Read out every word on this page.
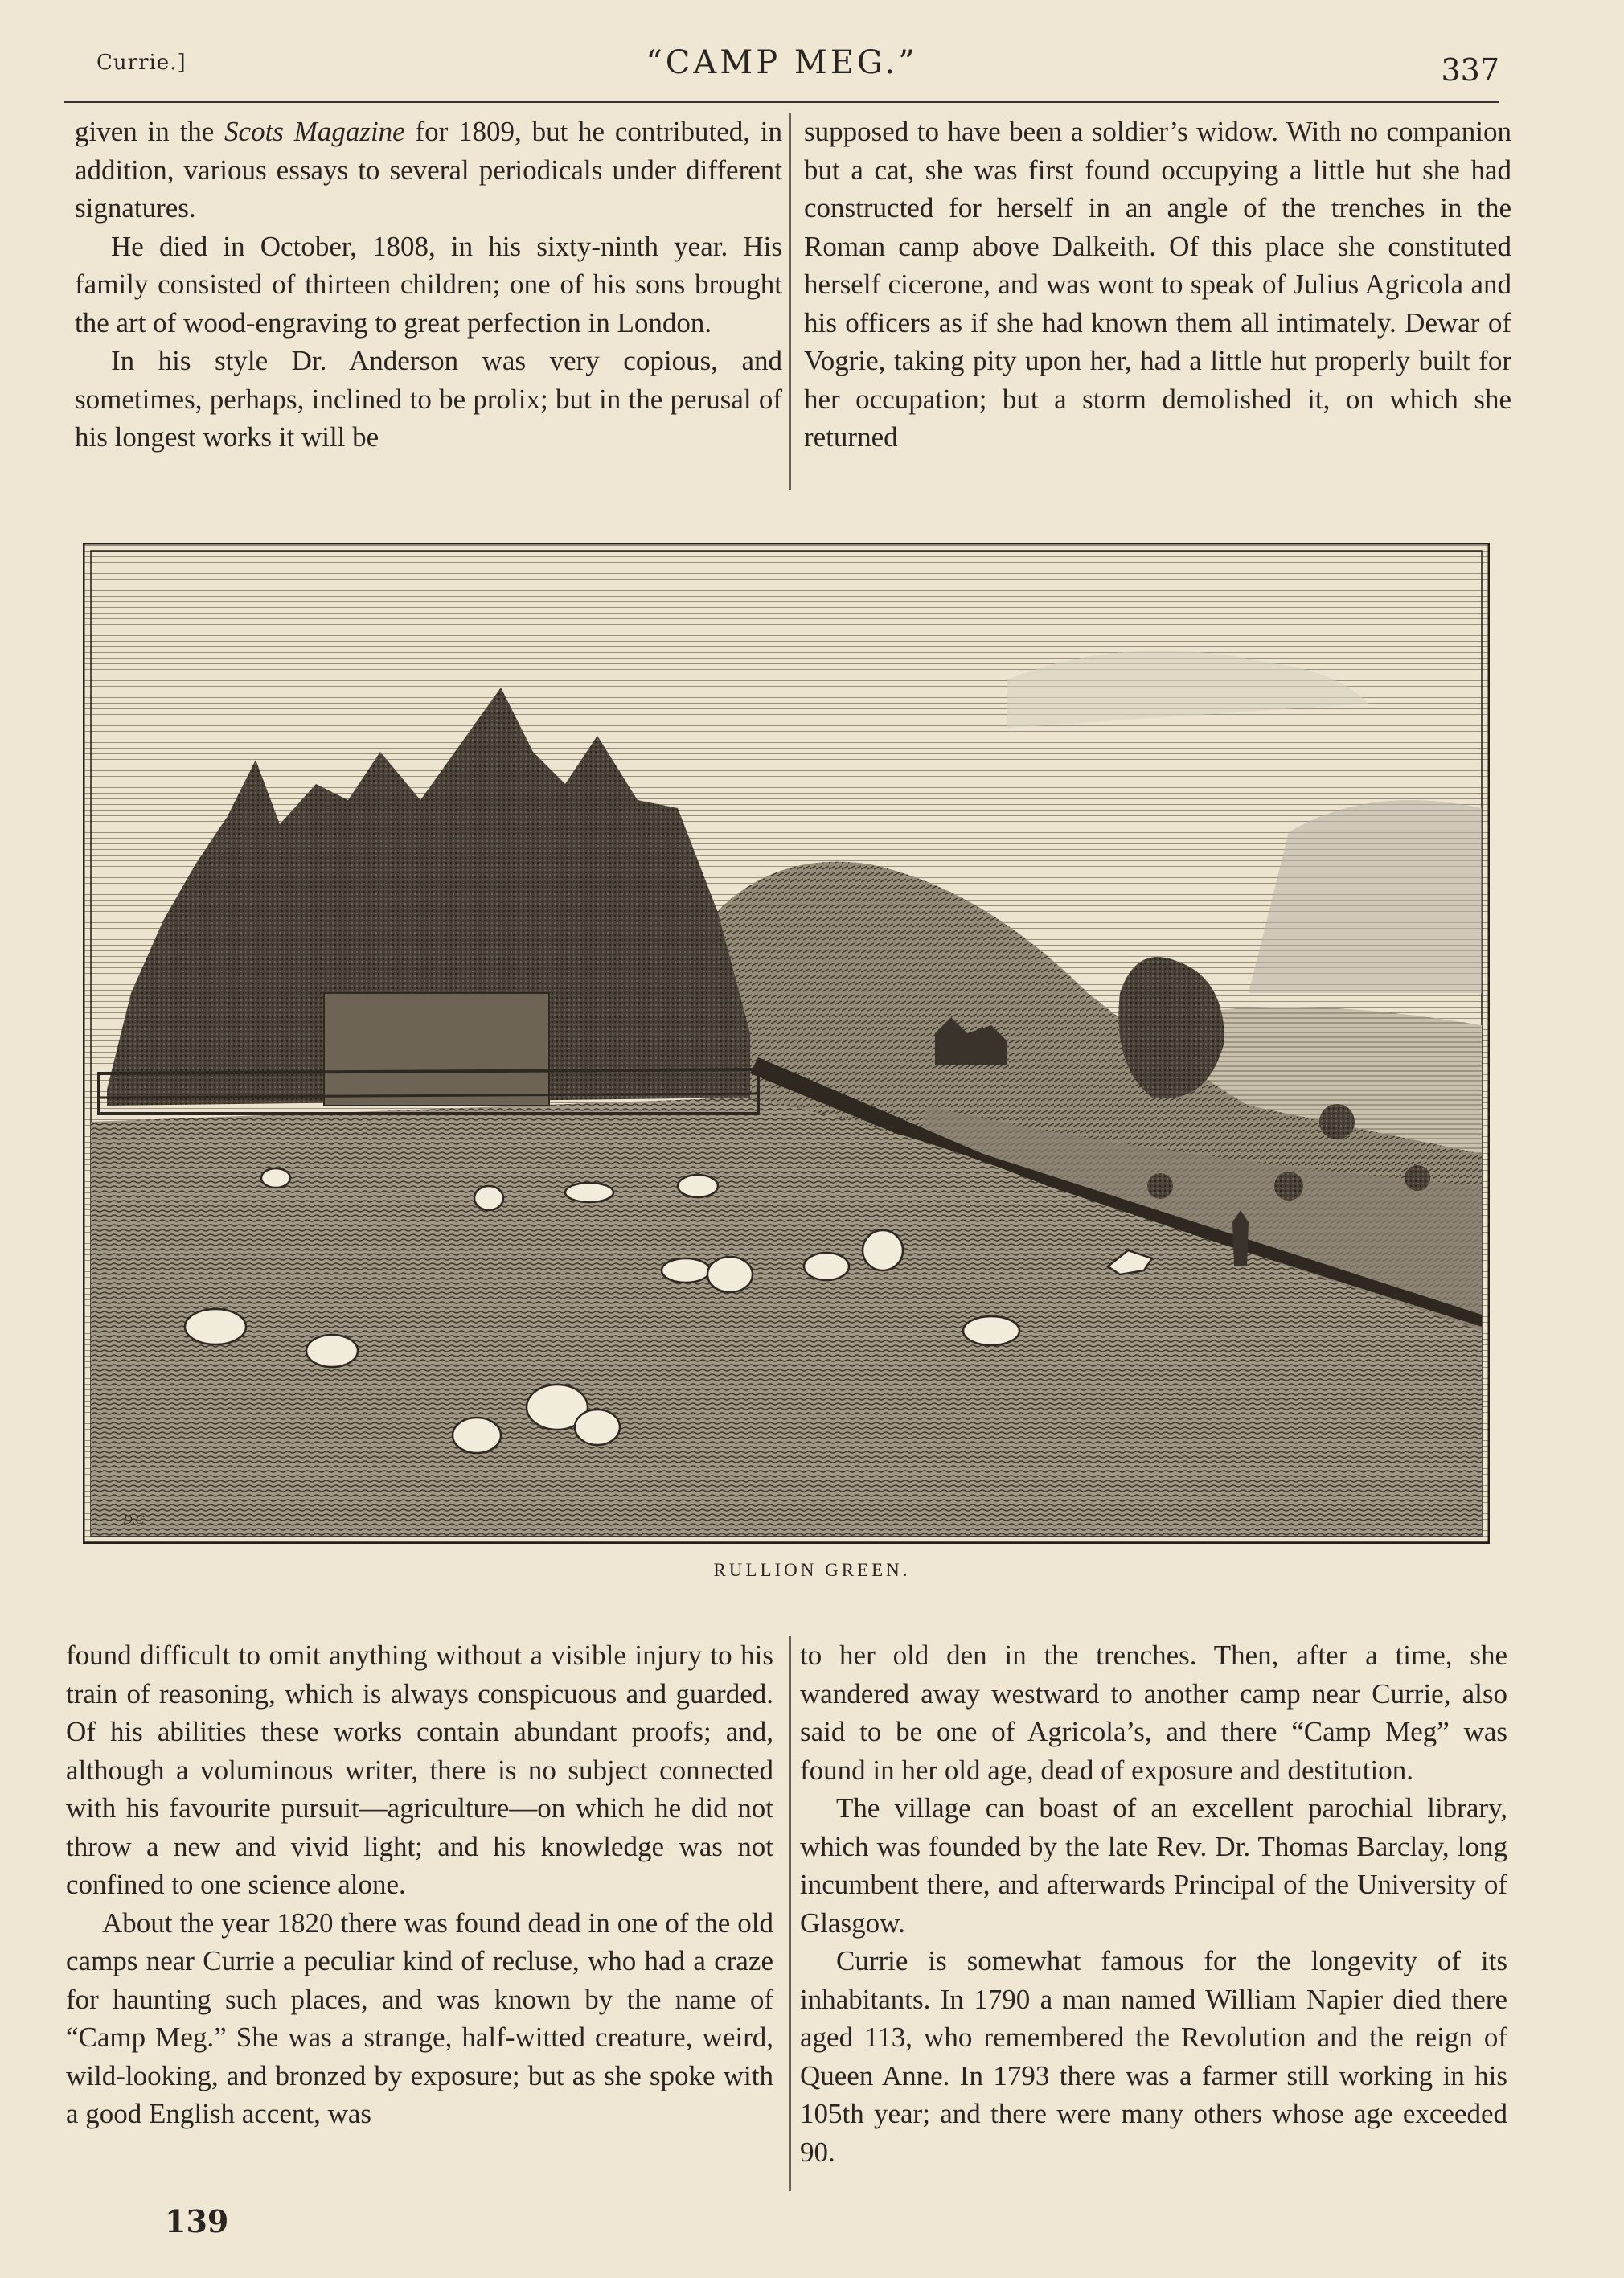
Currie.]	“CAMP MEG.”	337

given in the Scots Magazine for 1809, but he contributed, in addition, various essays to several periodicals under different signatures.

He died in October, 1808, in his sixty-ninth year. His family consisted of thirteen children; one of his sons brought the art of wood-engraving to great perfection in London.

In his style Dr. Anderson was very copious, and sometimes, perhaps, inclined to be prolix; but in the perusal of his longest works it will be

supposed to have been a soldier’s widow. With no companion but a cat, she was first found occupying a little hut she had constructed for herself in an angle of the trenches in the Roman camp above Dalkeith. Of this place she constituted herself cicerone, and was wont to speak of Julius Agricola and his officers as if she had known them all intimately. Dewar of Vogrie, taking pity upon her, had a little hut properly built for her occupation; but a storm demolished it, on which she returned

D.C
RULLION GREEN.

found difficult to omit anything without a visible injury to his train of reasoning, which is always conspicuous and guarded. Of his abilities these works contain abundant proofs; and, although a voluminous writer, there is no subject connected with his favourite pursuit—agriculture—on which he did not throw a new and vivid light; and his knowledge was not confined to one science alone.

About the year 1820 there was found dead in one of the old camps near Currie a peculiar kind of recluse, who had a craze for haunting such places, and was known by the name of “Camp Meg.” She was a strange, half-witted creature, weird, wild-looking, and bronzed by exposure; but as she spoke with a good English accent, was

to her old den in the trenches. Then, after a time, she wandered away westward to another camp near Currie, also said to be one of Agricola’s, and there “Camp Meg” was found in her old age, dead of exposure and destitution.

The village can boast of an excellent parochial library, which was founded by the late Rev. Dr. Thomas Barclay, long incumbent there, and afterwards Principal of the University of Glasgow.

Currie is somewhat famous for the longevity of its inhabitants. In 1790 a man named William Napier died there aged 113, who remembered the Revolution and the reign of Queen Anne. In 1793 there was a farmer still working in his 105th year; and there were many others whose age exceeded 90.

139
